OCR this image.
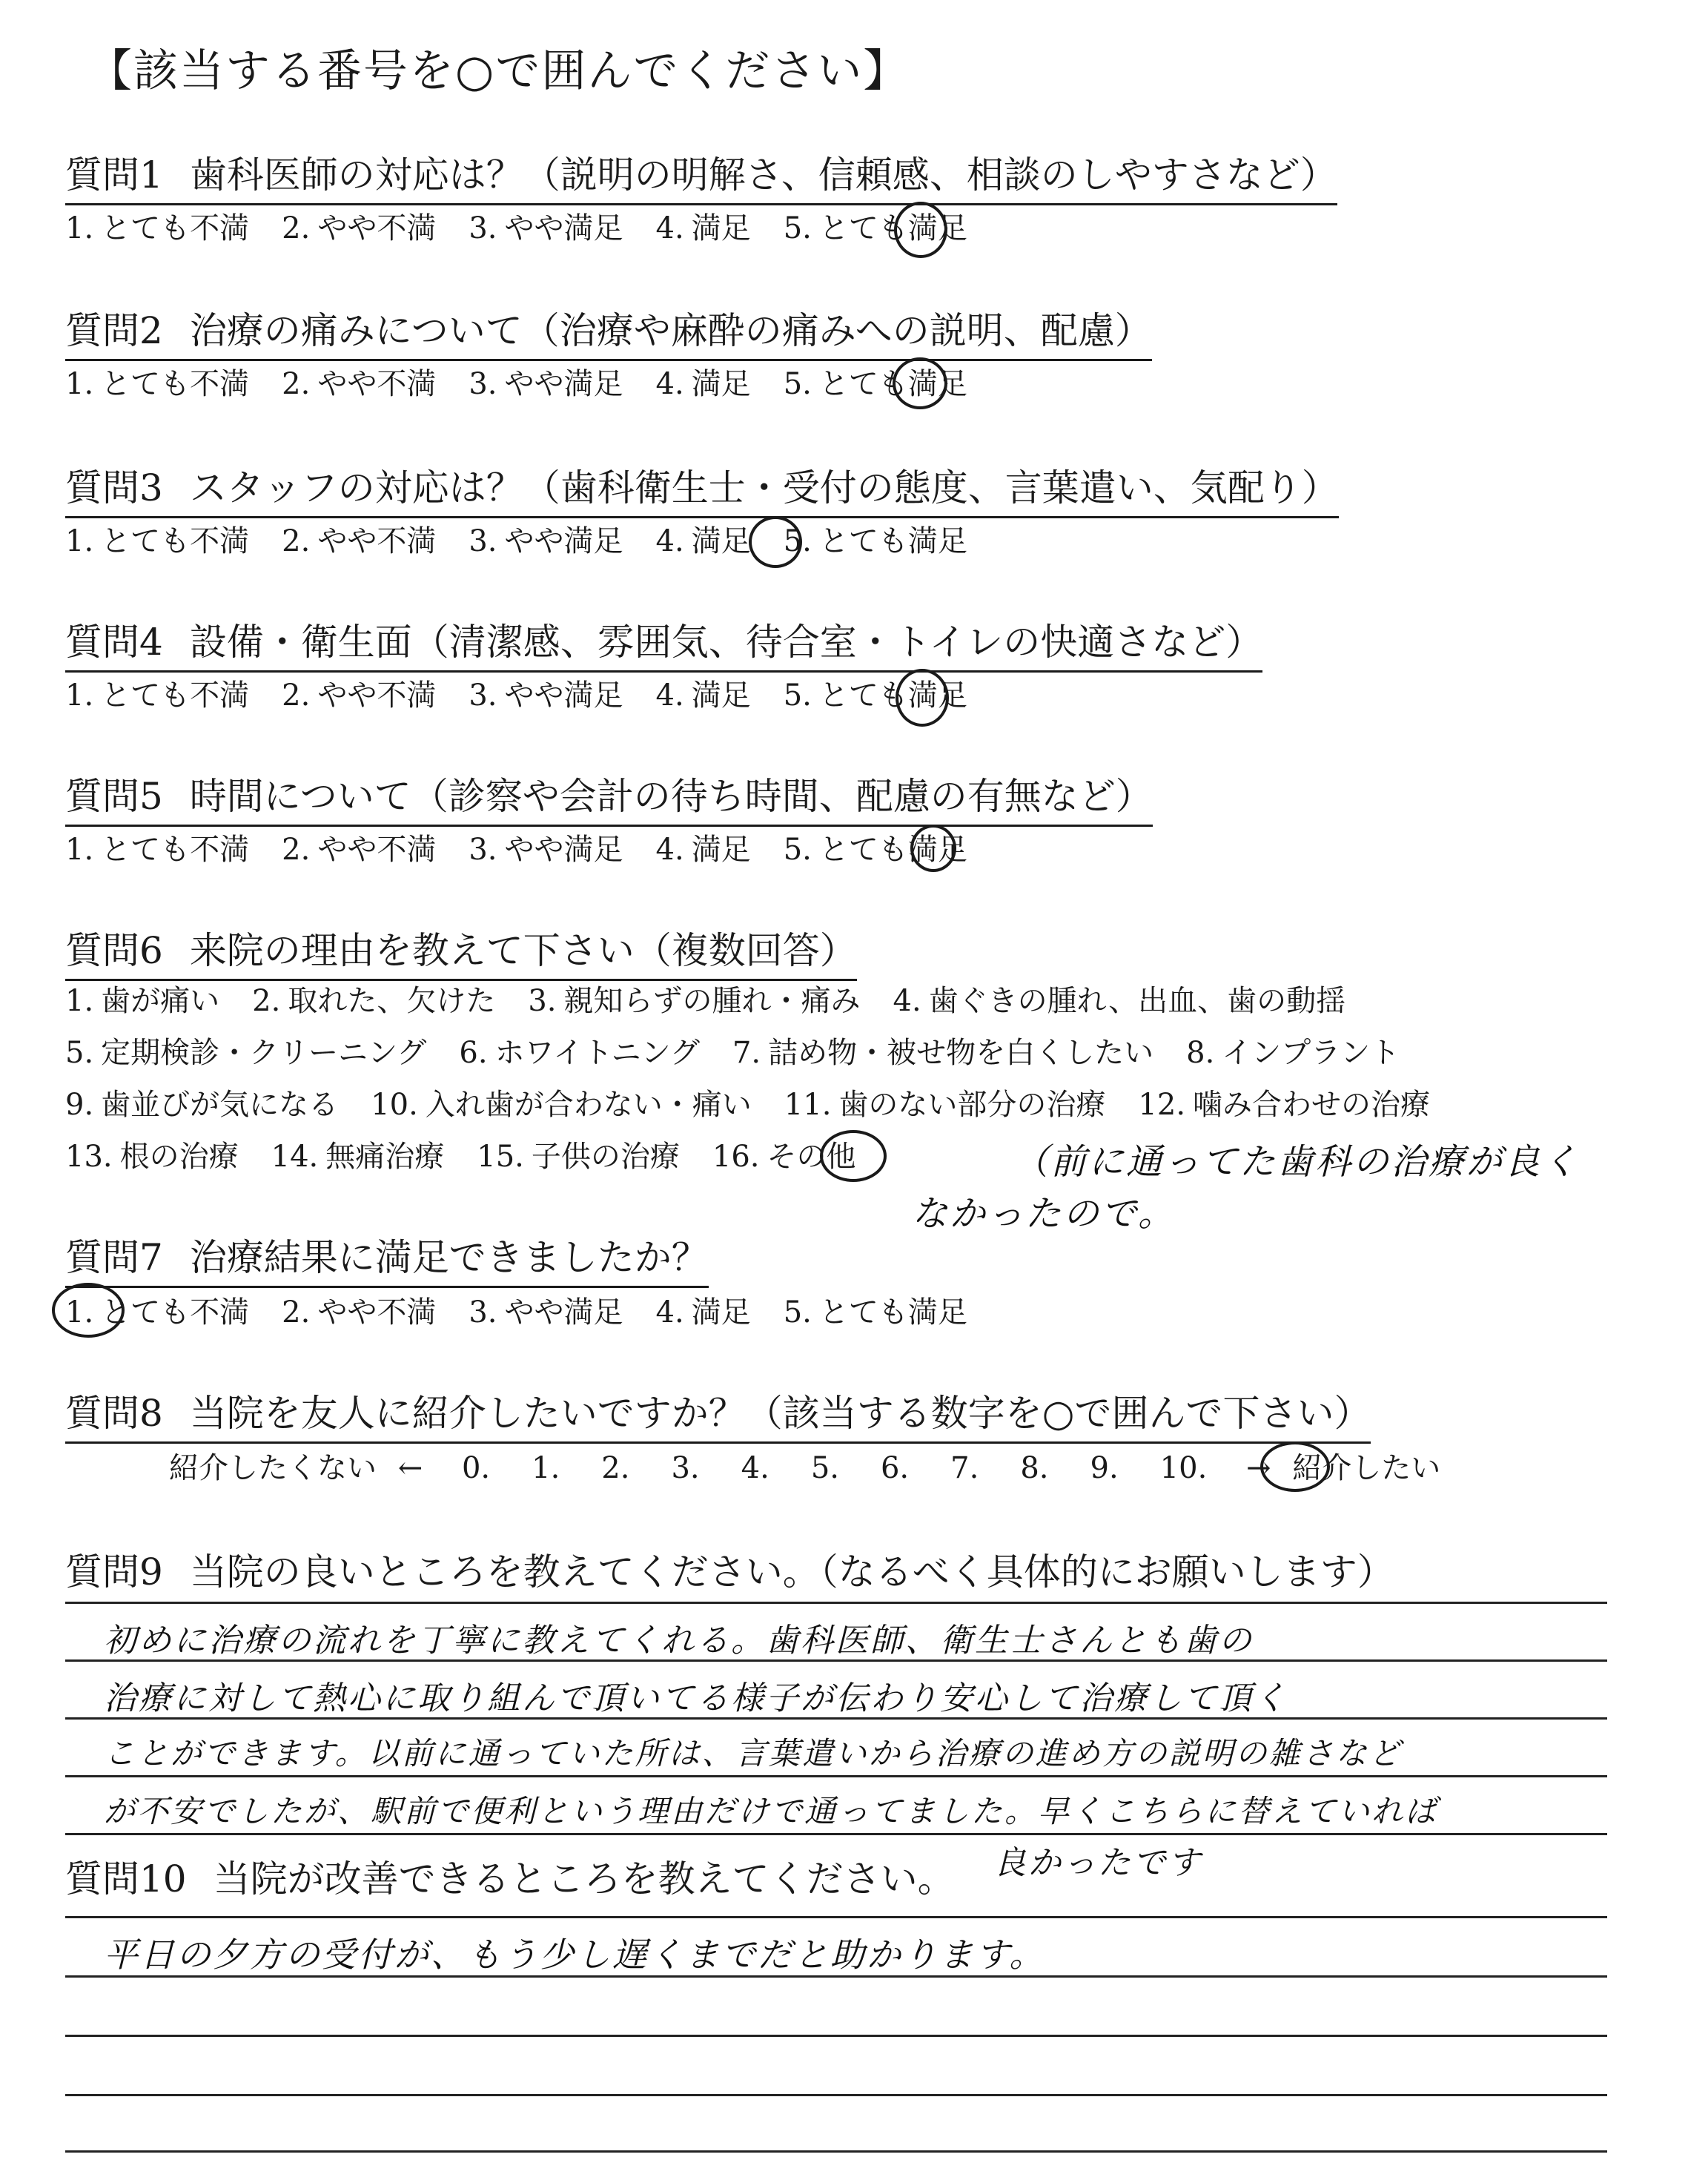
【該当する番号を○で囲んでください】
質問1 歯科医師の対応は？（説明の明解さ、信頼感、相談のしやすさなど）
1. とても不満 2. やや不満 3. やや満足 4. 満足 5. とても満足
質問2 治療の痛みについて（治療や麻酔の痛みへの説明、配慮）
1. とても不満 2. やや不満 3. やや満足 4. 満足 5. とても満足
質問3 スタッフの対応は？（歯科衛生士・受付の態度、言葉遣い、気配り）
1. とても不満 2. やや不満 3. やや満足 4. 満足 5. とても満足
質問4 設備・衛生面（清潔感、雰囲気、待合室・トイレの快適さなど）
1. とても不満 2. やや不満 3. やや満足 4. 満足 5. とても満足
質問5 時間について（診察や会計の待ち時間、配慮の有無など）
1. とても不満 2. やや不満 3. やや満足 4. 満足 5. とても満足
質問6 来院の理由を教えて下さい（複数回答）
1. 歯が痛い 2. 取れた、欠けた 3. 親知らずの腫れ・痛み 4. 歯ぐきの腫れ、出血、歯の動揺
5. 定期検診・クリーニング 6. ホワイトニング 7. 詰め物・被せ物を白くしたい 8. インプラント
9. 歯並びが気になる 10. 入れ歯が合わない・痛い 11. 歯のない部分の治療 12. 噛み合わせの治療
13. 根の治療 14. 無痛治療 15. 子供の治療 16. その他	（前に通ってた歯科の治療が良く
なかったので。
質問7 治療結果に満足できましたか？
1. とても不満 2. やや不満 3. やや満足 4. 満足 5. とても満足
質問8 当院を友人に紹介したいですか？（該当する数字を○で囲んで下さい）
紹介したくない ← 0. 1. 2. 3. 4. 5. 6. 7. 8. 9. 10. → 紹介したい
質問9 当院の良いところを教えてください。（なるべく具体的にお願いします）
初めに治療の流れを丁寧に教えてくれる。歯科医師、衛生士さんとも歯の
治療に対して熱心に取り組んで頂いてる様子が伝わり安心して治療して頂く
ことができます。以前に通っていた所は、言葉遣いから治療の進め方の説明の雑さなど
が不安でしたが、駅前で便利という理由だけで通ってました。早くこちらに替えていれば
良かったです
質問10 当院が改善できるところを教えてください。
平日の夕方の受付が、もう少し遅くまでだと助かります。
